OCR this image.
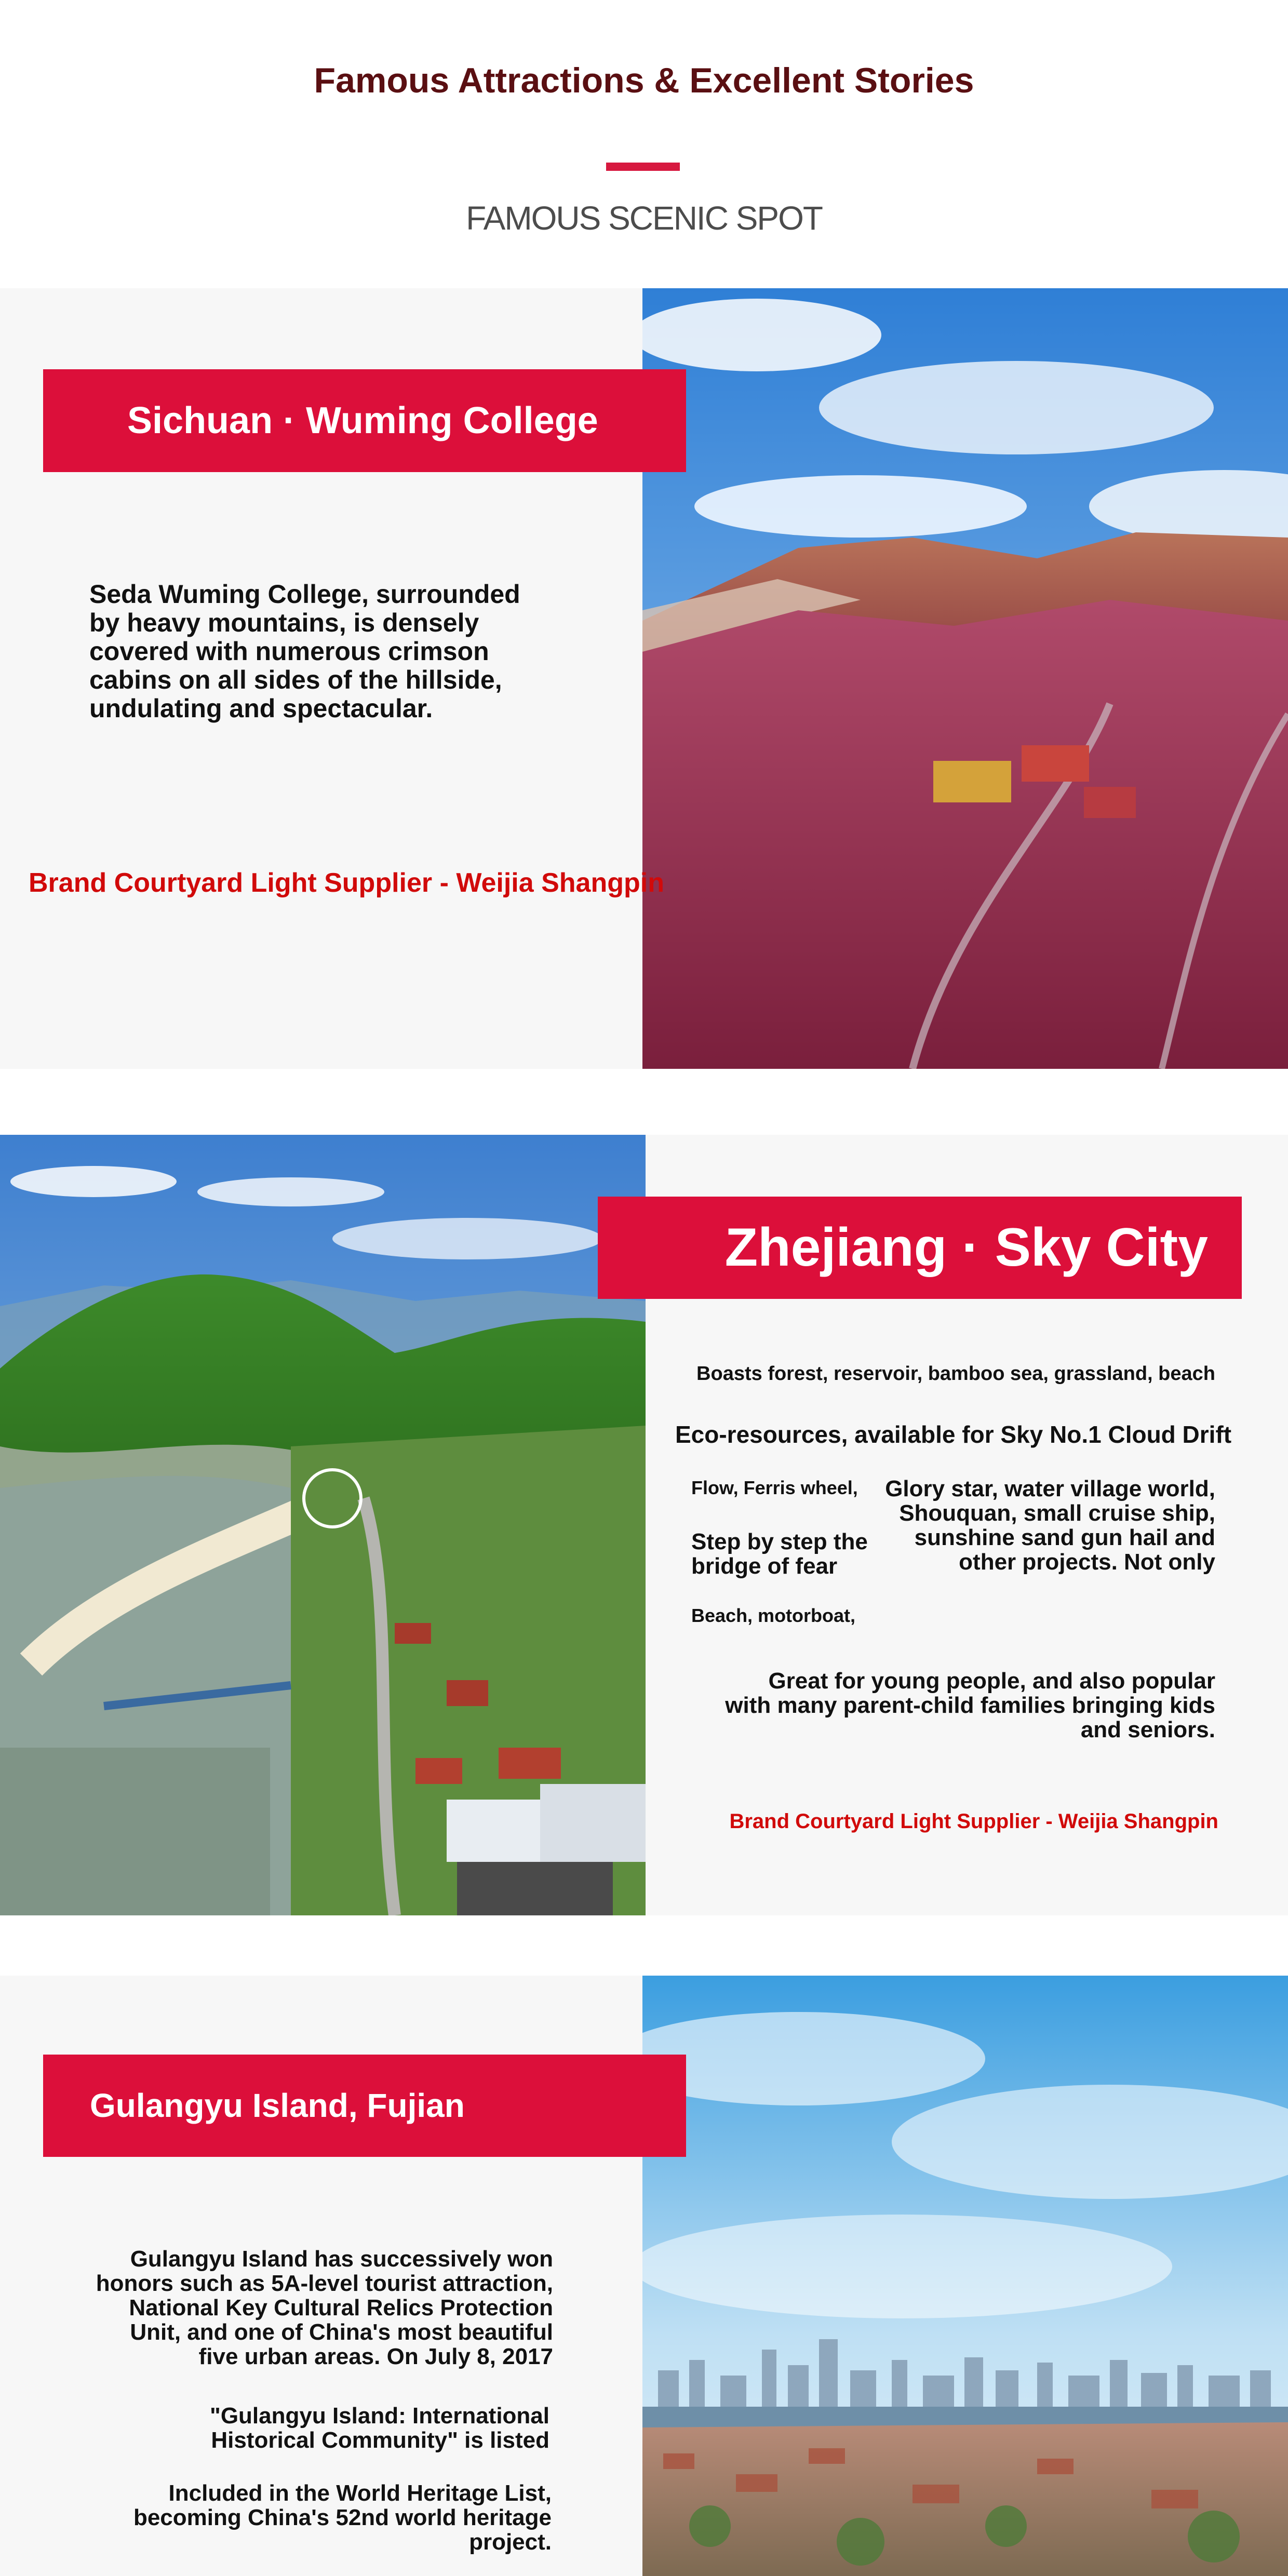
Famous Attractions & Excellent Stories
FAMOUS SCENIC SPOT
Sichuan · Wuming College
Seda Wuming College, surrounded by heavy mountains, is densely covered with numerous crimson cabins on all sides of the hillside, undulating and spectacular.
Brand Courtyard Light Supplier - Weijia Shangpin
Zhejiang · Sky City
Boasts forest, reservoir, bamboo sea, grassland, beach
Eco-resources, available for Sky No.1 Cloud Drift
Flow, Ferris wheel,	Glory star, water village world, Shouquan, small cruise ship, sunshine sand gun hail and other projects. Not only
Step by step the bridge of fear
Beach, motorboat,
Great for young people, and also popular with many parent-child families bringing kids and seniors.
Brand Courtyard Light Supplier - Weijia Shangpin
Gulangyu Island, Fujian
Gulangyu Island has successively won honors such as 5A-level tourist attraction, National Key Cultural Relics Protection Unit, and one of China's most beautiful five urban areas. On July 8, 2017
"Gulangyu Island: International Historical Community" is listed
Included in the World Heritage List, becoming China's 52nd world heritage project.
